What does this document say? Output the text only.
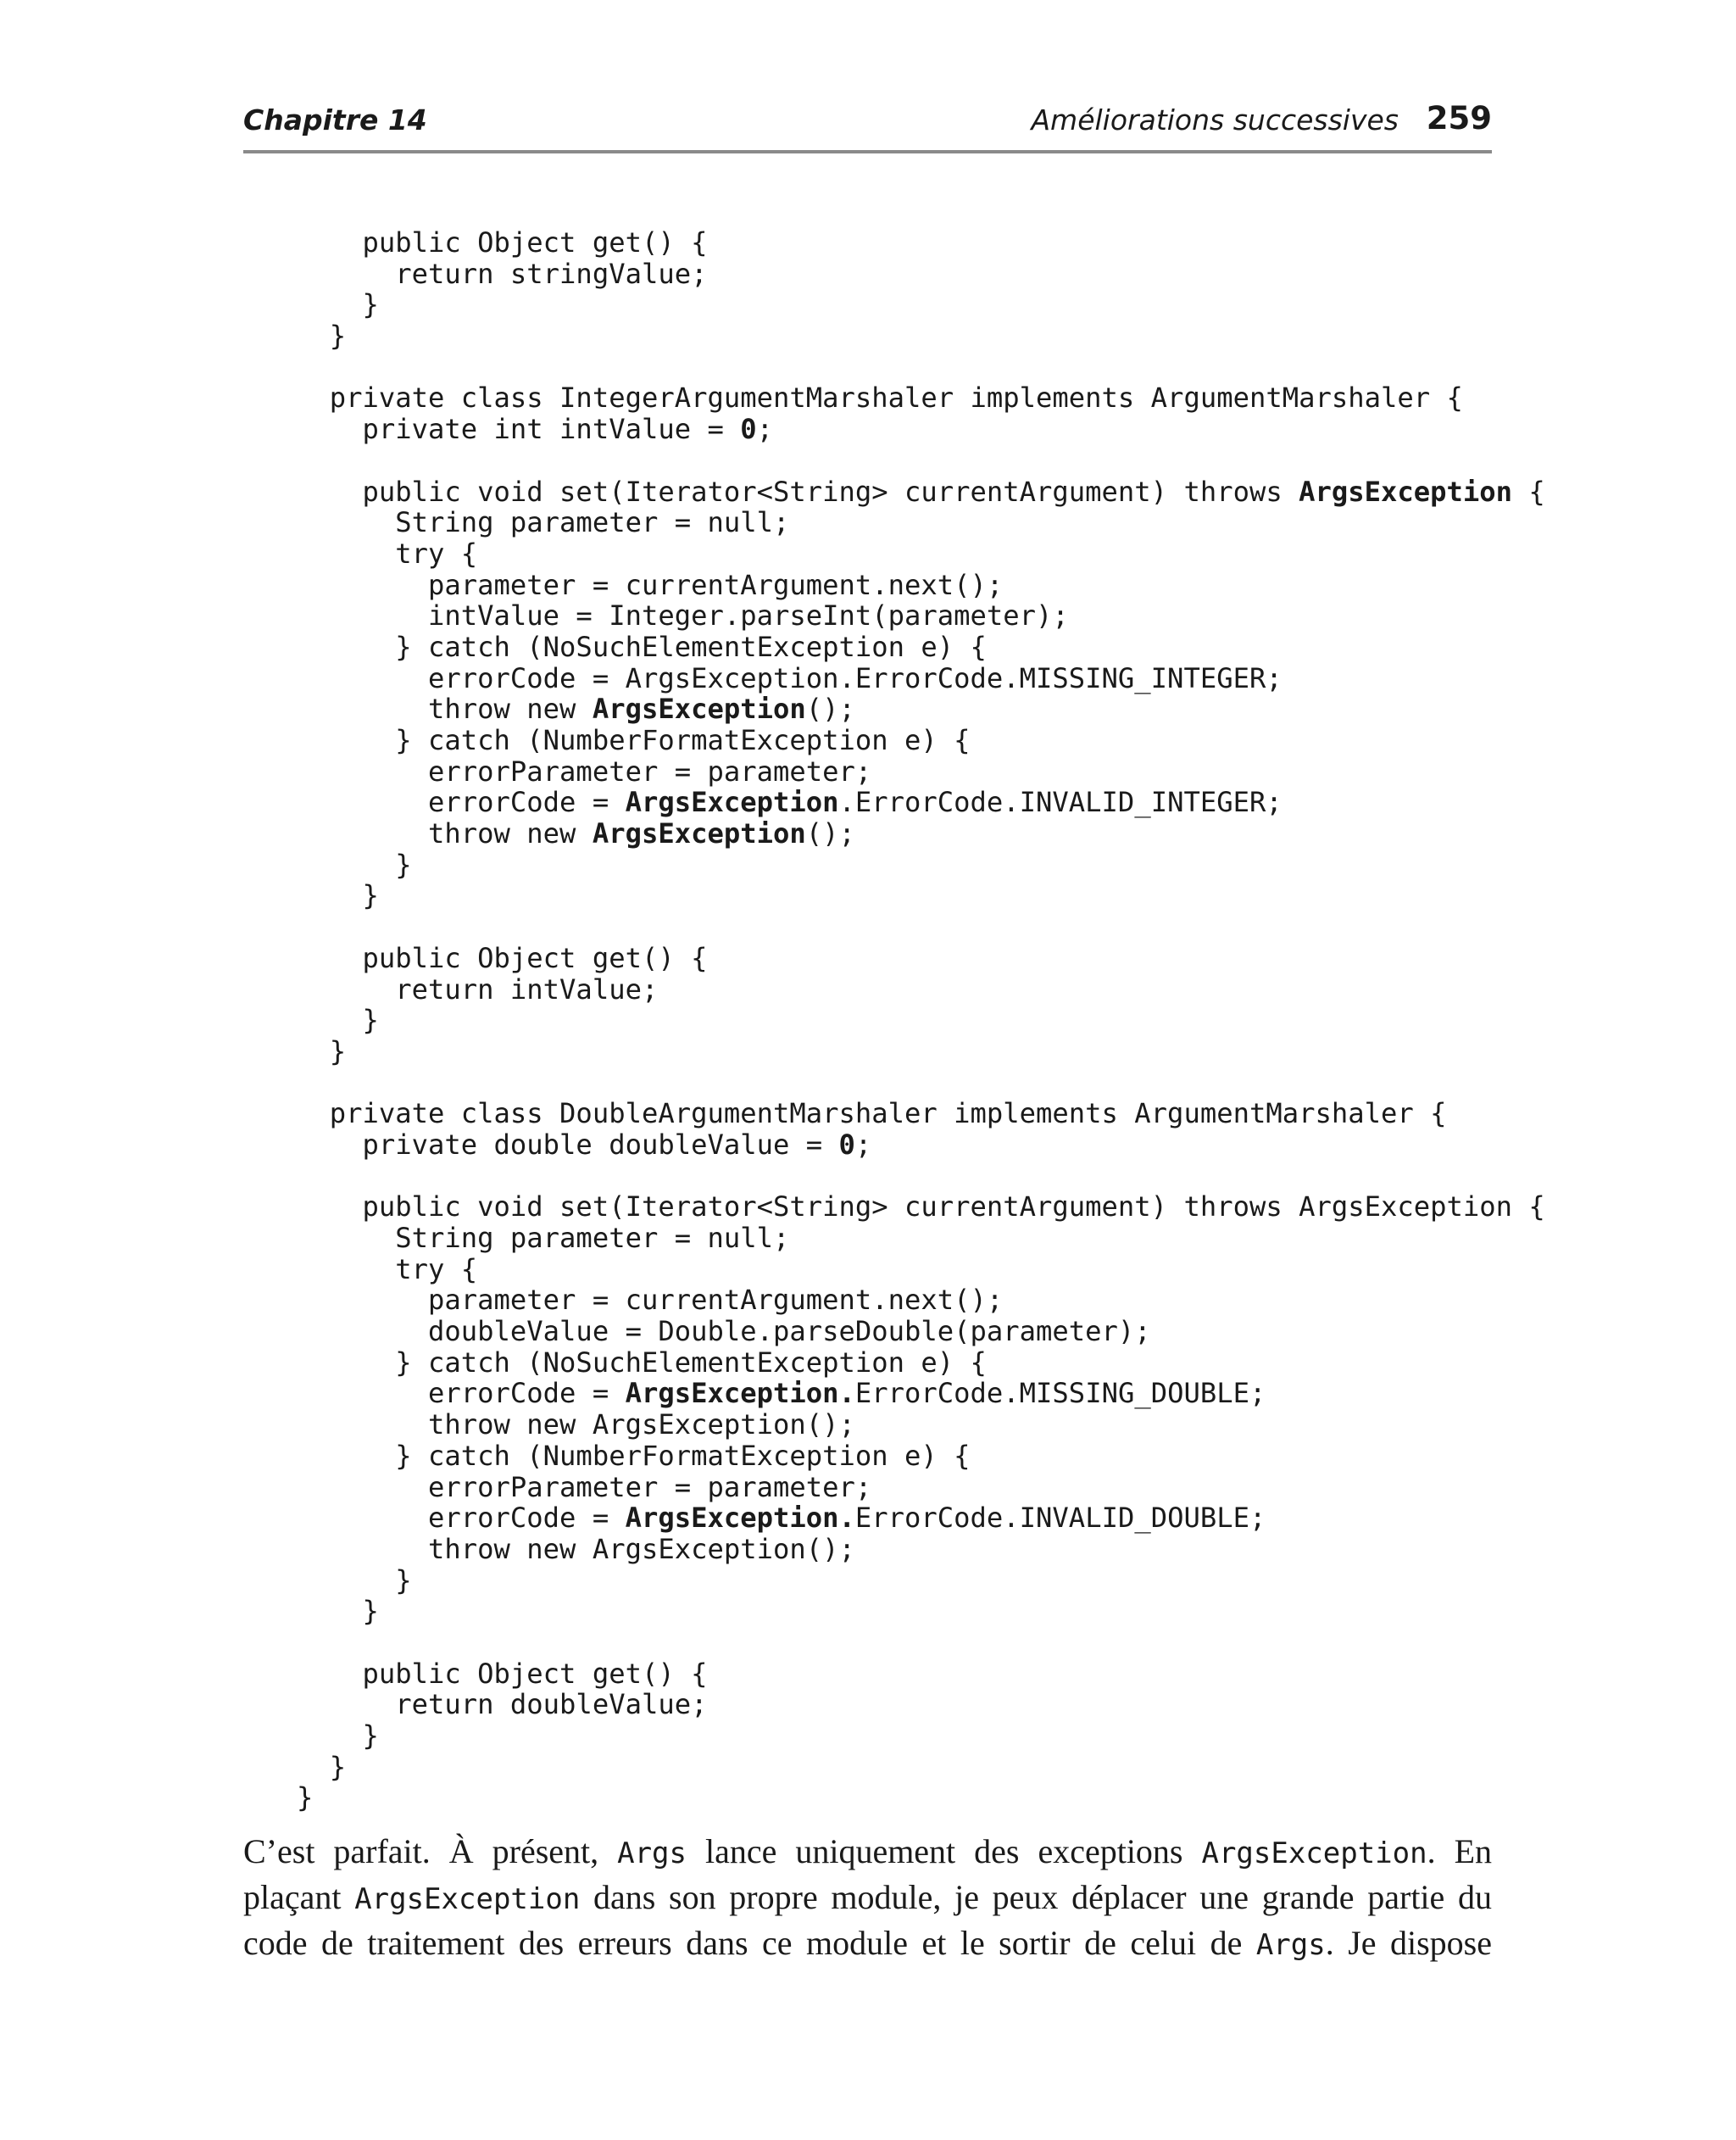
Chapitre 14	Améliorations successives 259
public Object get() {
return stringValue;
}
}
private class IntegerArgumentMarshaler implements ArgumentMarshaler {
private int intValue = 0;
public void set(Iterator<String> currentArgument) throws ArgsException {
String parameter = null;
try {
parameter = currentArgument.next();
intValue = Integer.parseInt(parameter);
} catch (NoSuchElementException e) {
errorCode = ArgsException.ErrorCode.MISSING_INTEGER;
throw new ArgsException();
} catch (NumberFormatException e) {
errorParameter = parameter;
errorCode = ArgsException.ErrorCode.INVALID_INTEGER;
throw new ArgsException();
}
}
public Object get() {
return intValue;
}
}
private class DoubleArgumentMarshaler implements ArgumentMarshaler {
private double doubleValue = 0;
public void set(Iterator<String> currentArgument) throws ArgsException {
String parameter = null;
try {
parameter = currentArgument.next();
doubleValue = Double.parseDouble(parameter);
} catch (NoSuchElementException e) {
errorCode = ArgsException.ErrorCode.MISSING_DOUBLE;
throw new ArgsException();
} catch (NumberFormatException e) {
errorParameter = parameter;
errorCode = ArgsException.ErrorCode.INVALID_DOUBLE;
throw new ArgsException();
}
}
public Object get() {
return doubleValue;
}
}
}
C’est parfait. À présent, Args lance uniquement des exceptions ArgsException. En
plaçant ArgsException dans son propre module, je peux déplacer une grande partie du
code de traitement des erreurs dans ce module et le sortir de celui de Args. Je dispose
